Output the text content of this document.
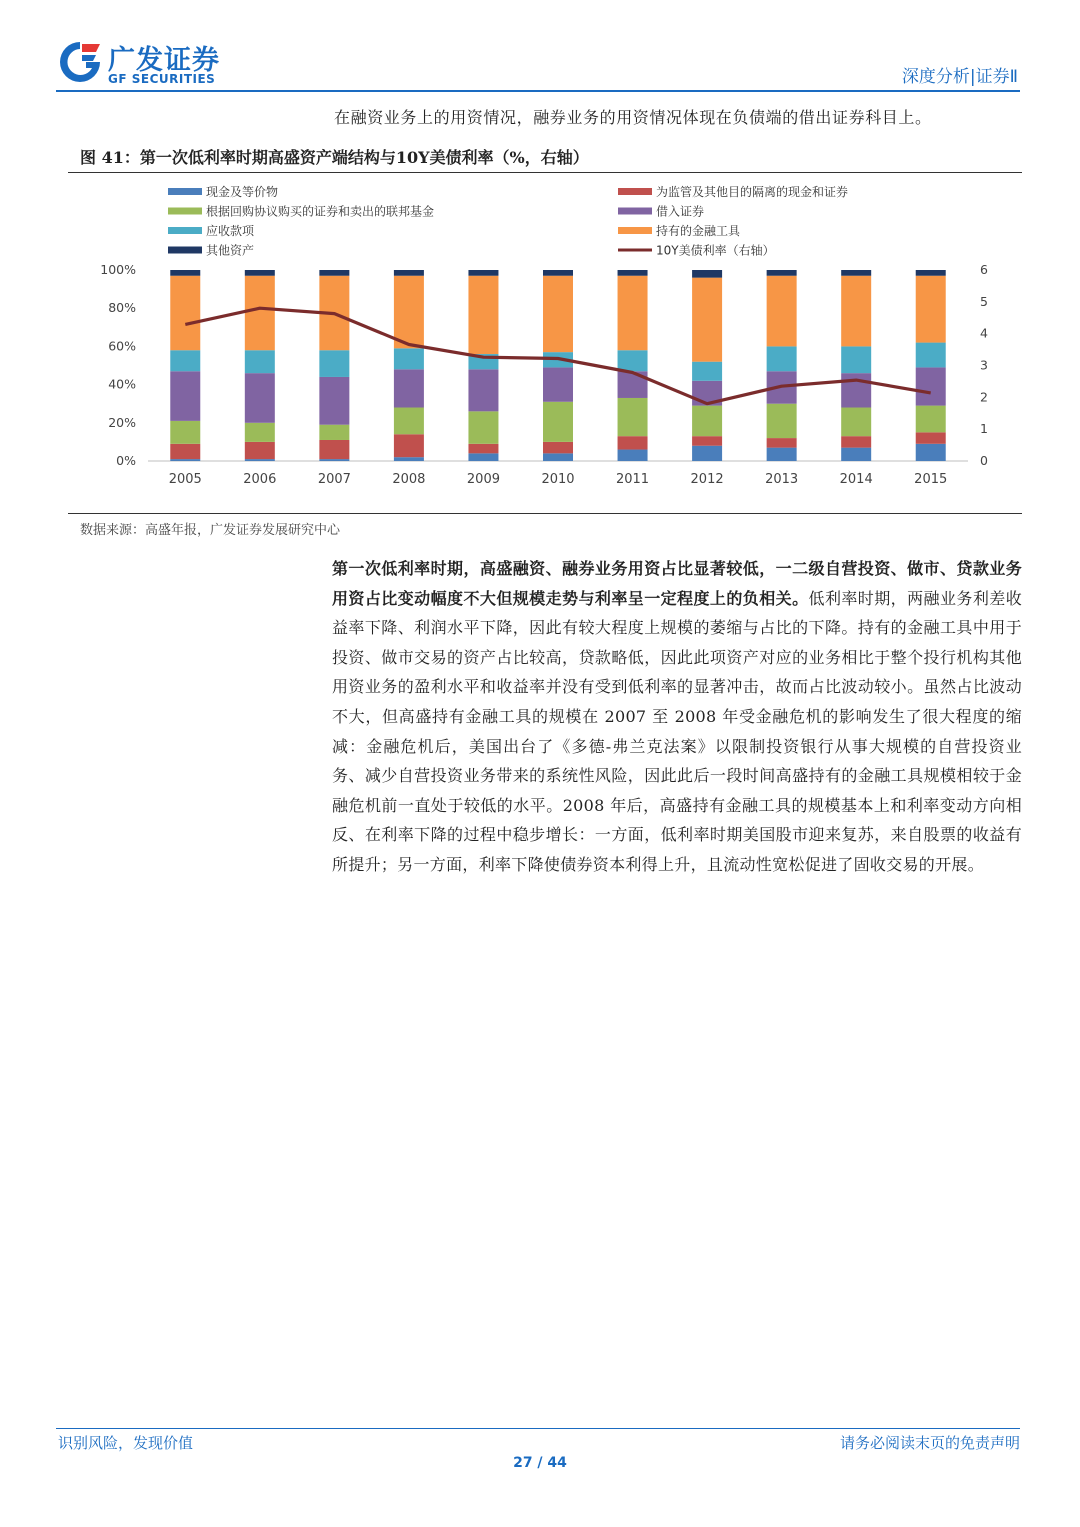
广发证券
GF SECURITIES	深度分析|证券Ⅱ
在融资业务上的用资情况，融券业务的用资情况体现在负债端的借出证券科目上。
图 41：第一次低利率时期高盛资产端结构与10Y美债利率（%，右轴）
现金及等价物	为监管及其他目的隔离的现金和证券
根据回购协议购买的证券和卖出的联邦基金	借入证券
应收款项	持有的金融工具
其他资产	10Y美债利率（右轴）
0%
20%
40%
60%
80%
100%
0
1
2
3
4
5
6
2005	2006	2007	2008	2009	2010	2011	2012	2013	2014	2015
数据来源：高盛年报，广发证券发展研究中心
第一次低利率时期，高盛融资、融券业务用资占比显著较低，一二级自营投资、做市、贷款业务用资占比变动幅度不大但规模走势与利率呈一定程度上的负相关。低利率时期，两融业务利差收益率下降、利润水平下降，因此有较大程度上规模的萎缩与占比的下降。持有的金融工具中用于投资、做市交易的资产占比较高，贷款略低，因此此项资产对应的业务相比于整个投行机构其他用资业务的盈利水平和收益率并没有受到低利率的显著冲击，故而占比波动较小。虽然占比波动不大，但高盛持有金融工具的规模在 2007 至 2008 年受金融危机的影响发生了很大程度的缩减：金融危机后，美国出台了《多德-弗兰克法案》以限制投资银行从事大规模的自营投资业务、减少自营投资业务带来的系统性风险，因此此后一段时间高盛持有的金融工具规模相较于金融危机前一直处于较低的水平。2008 年后，高盛持有金融工具的规模基本上和利率变动方向相反、在利率下降的过程中稳步增长：一方面，低利率时期美国股市迎来复苏，来自股票的收益有所提升；另一方面，利率下降使债券资本利得上升，且流动性宽松促进了固收交易的开展。
识别风险，发现价值	请务必阅读末页的免责声明
27 / 44
